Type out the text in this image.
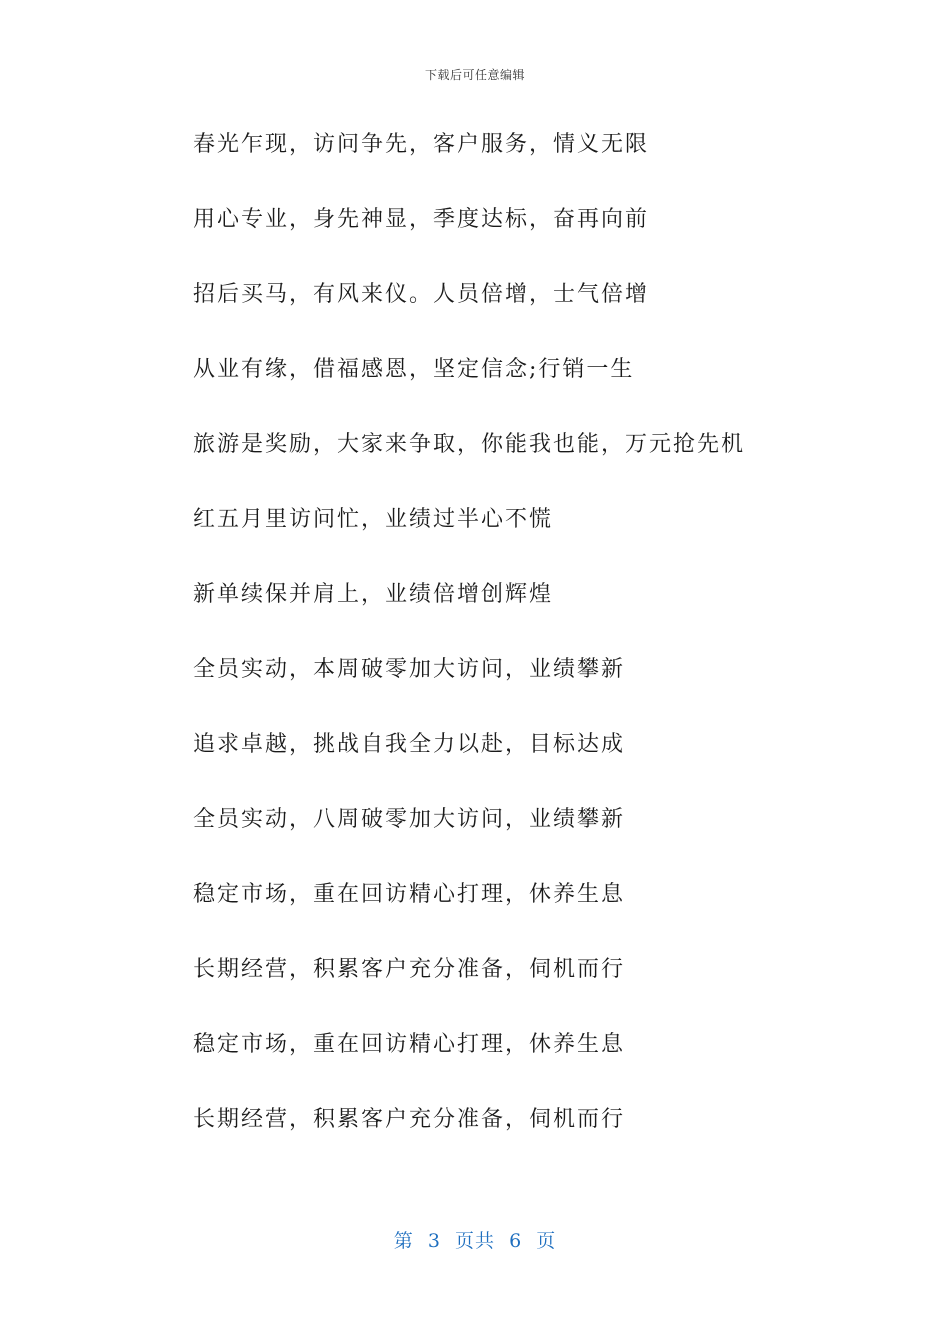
下载后可任意编辑
春光乍现，访问争先，客户服务，情义无限
用心专业，身先神显，季度达标，奋再向前
招后买马，有风来仪。人员倍增，士气倍增
从业有缘，借福感恩，坚定信念;行销一生
旅游是奖励，大家来争取，你能我也能，万元抢先机
红五月里访问忙，业绩过半心不慌
新单续保并肩上，业绩倍增创辉煌
全员实动，本周破零加大访问，业绩攀新
追求卓越，挑战自我全力以赴，目标达成
全员实动，八周破零加大访问，业绩攀新
稳定市场，重在回访精心打理，休养生息
长期经营，积累客户充分准备，伺机而行
稳定市场，重在回访精心打理，休养生息
长期经营，积累客户充分准备，伺机而行
第  3  页共  6  页
